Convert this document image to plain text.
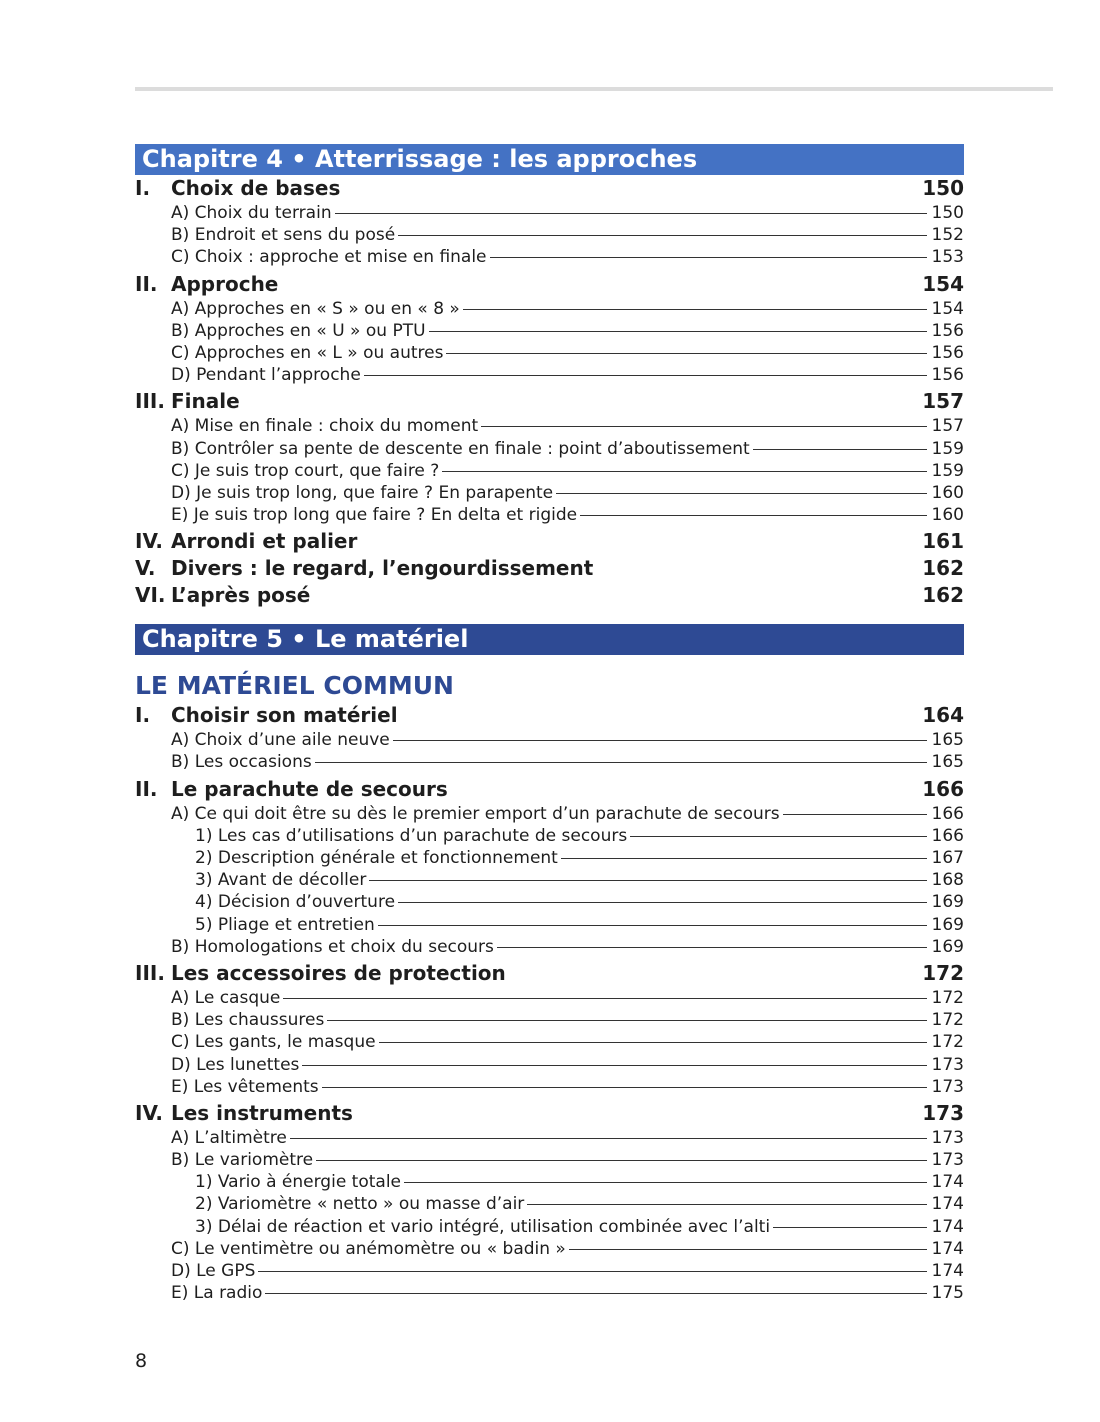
Chapitre 4 • Atterrissage : les approches
I.	Choix de bases	150
A) Choix du terrain	150
B) Endroit et sens du posé	152
C) Choix : approche et mise en finale	153
II. Approche	154
A) Approches en « S » ou en « 8 »	154
B) Approches en « U » ou PTU	156
C) Approches en « L » ou autres	156
D) Pendant l’approche	156
III. Finale	157
A) Mise en finale : choix du moment	157
B) Contrôler sa pente de descente en finale : point d’aboutissement	159
C) Je suis trop court, que faire ?	159
D) Je suis trop long, que faire ? En parapente	160
E) Je suis trop long que faire ? En delta et rigide	160
IV. Arrondi et palier	161
V. Divers : le regard, l’engourdissement	162
VI. L’après posé	162
Chapitre 5 • Le matériel
LE MATÉRIEL COMMUN
I.	Choisir son matériel	164
A) Choix d’une aile neuve	165
B) Les occasions	165
II. Le parachute de secours	166
A) Ce qui doit être su dès le premier emport d’un parachute de secours	166
1) Les cas d’utilisations d’un parachute de secours	166
2) Description générale et fonctionnement	167
3) Avant de décoller	168
4) Décision d’ouverture	169
5) Pliage et entretien	169
B) Homologations et choix du secours	169
III. Les accessoires de protection	172
A) Le casque	172
B) Les chaussures	172
C) Les gants, le masque	172
D) Les lunettes	173
E) Les vêtements	173
IV. Les instruments	173
A) L’altimètre	173
B) Le variomètre	173
1) Vario à énergie totale	174
2) Variomètre « netto » ou masse d’air	174
3) Délai de réaction et vario intégré, utilisation combinée avec l’alti	174
C) Le ventimètre ou anémomètre ou « badin »	174
D) Le GPS	174
E) La radio	175
8
